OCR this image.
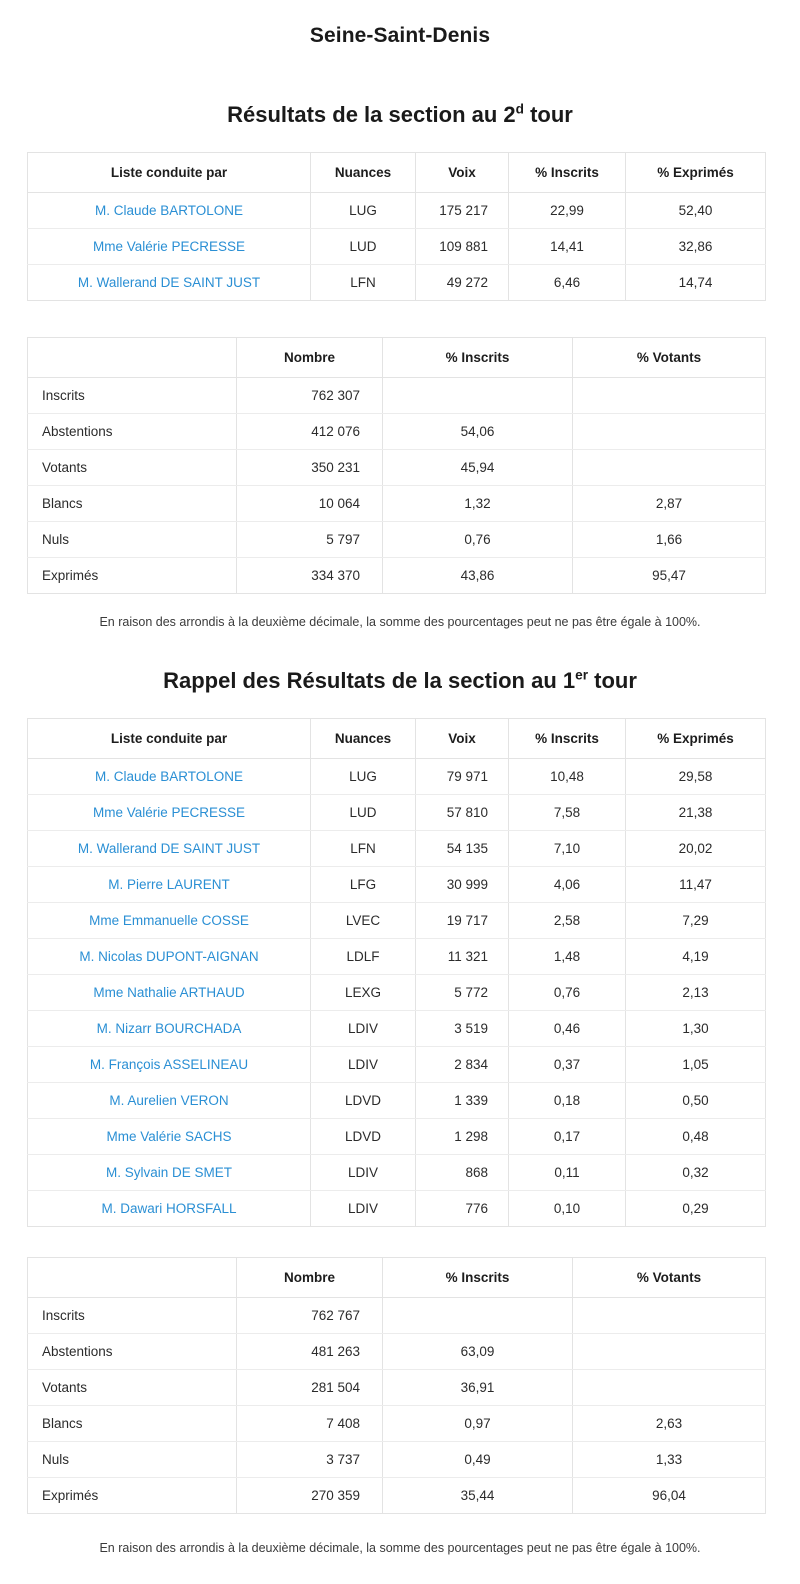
Seine-Saint-Denis
Résultats de la section au 2$^d$ tour
Liste conduite par	Nuances	Voix	% Inscrits	% Exprimés
M. Claude BARTOLONE	LUG	175 217	22,99	52,40
Mme Valérie PECRESSE	LUD	109 881	14,41	32,86
M. Wallerand DE SAINT JUST	LFN	49 272	6,46	14,74
	Nombre	% Inscrits	% Votants
Inscrits	762 307		
Abstentions	412 076	54,06	
Votants	350 231	45,94	
Blancs	10 064	1,32	2,87
Nuls	5 797	0,76	1,66
Exprimés	334 370	43,86	95,47

En raison des arrondis à la deuxième décimale, la somme des pourcentages peut ne pas être égale à 100%.

Rappel des Résultats de la section au 1er tour
Liste conduite par	Nuances	Voix	% Inscrits	% Exprimés
M. Claude BARTOLONE	LUG	79 971	10,48	29,58
Mme Valérie PECRESSE	LUD	57 810	7,58	21,38
M. Wallerand DE SAINT JUST	LFN	54 135	7,10	20,02
M. Pierre LAURENT	LFG	30 999	4,06	11,47
Mme Emmanuelle COSSE	LVEC	19 717	2,58	7,29
M. Nicolas DUPONT-AIGNAN	LDLF	11 321	1,48	4,19
Mme Nathalie ARTHAUD	LEXG	5 772	0,76	2,13
M. Nizarr BOURCHADA	LDIV	3 519	0,46	1,30
M. François ASSELINEAU	LDIV	2 834	0,37	1,05
M. Aurelien VERON	LDVD	1 339	0,18	0,50
Mme Valérie SACHS	LDVD	1 298	0,17	0,48
M. Sylvain DE SMET	LDIV	868	0,11	0,32
M. Dawari HORSFALL	LDIV	776	0,10	0,29
	Nombre	% Inscrits	% Votants
Inscrits	762 767		
Abstentions	481 263	63,09	
Votants	281 504	36,91	
Blancs	7 408	0,97	2,63
Nuls	3 737	0,49	1,33
Exprimés	270 359	35,44	96,04

En raison des arrondis à la deuxième décimale, la somme des pourcentages peut ne pas être égale à 100%.
